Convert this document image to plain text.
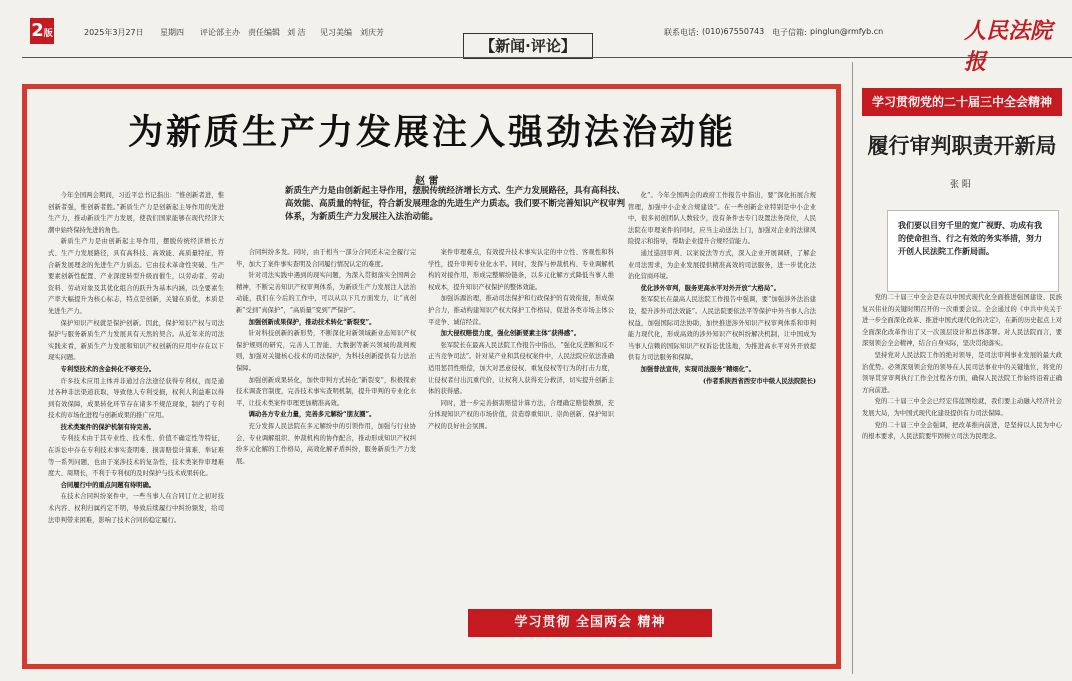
2版	2025年3月27日 星期四 评论部主办 责任编辑 刘 洁 见习美编 刘庆芳	联系电话: (010)67550743 电子信箱: pinglun@rmfyb.cn	人民法院报
【新闻·评论】
为新质生产力发展注入强劲法治动能
赵 雷
新质生产力是由创新起主导作用，摆脱传统经济增长方式、生产力发展路径，具有高科技、高效能、高质量的特征，符合新发展理念的先进生产力质态。我们要不断完善知识产权审判体系，为新质生产力发展注入法治动能。

今年全国两会期间，习近平总书记指出：“惟创新者进，惟创新者强，惟创新者胜。”新质生产力是创新起主导作用的先进生产力，推动新质生产力发展，使我们国家能够在现代经济大潮中始终保持先进的角色。

新质生产力是由创新起主导作用，摆脱传统经济增长方式、生产力发展路径，具有高科技、高效能、高质量特征，符合新发展理念的先进生产力质态。它由技术革命性突破、生产要素创新性配置、产业深度转型升级而催生，以劳动者、劳动资料、劳动对象及其优化组合的跃升为基本内涵，以全要素生产率大幅提升为核心标志，特点是创新，关键在质优，本质是先进生产力。

保护知识产权就是保护创新。因此，保护知识产权与司法保护与服务新质生产力发展具有天然的契合。从近年来的司法实践来看，新质生产力发展和知识产权创新的应用中存在以下现实问题。

专利型技术的含金转化不够充分。

许多技术应用主体并非通过合法途径获得专利权，而是通过各种非法渠道获取，导致他人专利受损，权利人利益难以得到有效保障，成果转化环节存在诸多不规范现象，制约了专利技术的市场化进程与创新成果的推广应用。

技术类案件的保护机制有待完善。

专利技术由于其专业性、技术性、价值不确定性等特征，在诉讼中存在专利技术事实查明难、损害赔偿计算难、举证难等一系列问题，也由于案涉技术的复杂性，技术类案件审理难度大、周期长，不利于专利权的及时保护与技术成果转化。

合同履行中的重点问题有待明确。

在技术合同纠纷案件中，一些当事人在合同订立之初对技术内容、权利归属约定不明，导致后续履行中纠纷频发，给司法审判带来困难，影响了技术合同的稳定履行。

合同纠纷多发。同时，由于相当一部分合同还未完全履行完毕，加大了案件事实查明及合同履行情况认定的难度。

针对司法实践中遇到的现实问题，为深入贯彻落实全国两会精神，不断完善知识产权审判体系，为新质生产力发展注入法治动能，我们在今后的工作中，可以从以下几方面发力，让“真创新”受到“真保护”，“高质量”变到“严保护”。

加强创新成果保护，推动技术转化“新裂变”。

针对科技创新的新形势，不断深化对新领域新业态知识产权保护规则的研究，完善人工智能、大数据等新兴领域的裁判规则，加强对关键核心技术的司法保护，为科技创新提供有力法治保障。

加强创新成果转化，加快审判方式转化“新裂变”，积极探索技术调查官制度，完善技术事实查明机制，提升审判的专业化水平，让技术类案件审理更加精准高效。

调动各方专业力量，完善多元解纷“朋友圈”。

充分发挥人民法院在多元解纷中的引领作用，加强与行业协会、专业调解组织、仲裁机构的协作配合，推动形成知识产权纠纷多元化解的工作格局，高效化解矛盾纠纷，服务新质生产力发展。

案件审理难点，有效提升技术事实认定的中立性、客观性和科学性，提升审判专业化水平。同时，发挥与仲裁机构、专业调解机构的对接作用，形成完整解纷链条，以多元化解方式降低当事人维权成本，提升知识产权保护的整体效能。

加强诉源治理，推动司法保护和行政保护的有效衔接，形成保护合力，推动构建知识产权大保护工作格局，促进各类市场主体公平竞争、诚信经营。

加大侵权赔偿力度，强化创新要素主体“获得感”。

张军院长在最高人民法院工作报告中指出，“强化反垄断和反不正当竞争司法”。针对某产业和其侵权案件中，人民法院应依法准确适用惩罚性赔偿，加大对恶意侵权、重复侵权等行为的打击力度，让侵权者付出沉重代价，让权利人获得充分救济，切实提升创新主体的获得感。

同时，进一步完善损害赔偿计算方法，合理确定赔偿数额，充分体现知识产权的市场价值，营造尊重知识、崇尚创新、保护知识产权的良好社会氛围。

化”。今年全国两会的政府工作报告中指出，要“深化拓展合规管理，加强中小企业合规建设”。在一些创新企业特别是中小企业中，很多初创团队人数较少，没有条件去专门设置法务岗位，人民法院在审理案件的同时，应当主动送法上门，加强对企业的法律风险提示和指导，帮助企业提升合规经营能力。

通过巡回审判、以案说法等方式，深入企业开展调研，了解企业司法需求，为企业发展提供精准高效的司法服务，进一步优化法治化营商环境。

优化涉外审判，服务更高水平对外开放“大格局”。

张军院长在最高人民法院工作报告中强调，要“加强涉外法治建设，提升涉外司法效能”。人民法院要依法平等保护中外当事人合法权益，加强国际司法协助，加快推进涉外知识产权审判体系和审判能力现代化，形成高效的涉外知识产权纠纷解决机制，让中国成为当事人信赖的国际知识产权诉讼优选地，为推进高水平对外开放提供有力司法服务和保障。

加强普法宣传，实现司法服务“精细化”。

(作者系陕西省西安市中级人民法院院长)

学习贯彻 全国两会 精神
学习贯彻党的二十届三中全会精神
履行审判职责开新局
张 阳
我们要以目穷千里的宽广视野、功成有我的使命担当、行之有效的务实举措，努力开创人民法院工作新局面。

党的二十届三中全会是在以中国式现代化全面推进强国建设、民族复兴伟业的关键时期召开的一次重要会议。全会通过的《中共中央关于进一步全面深化改革、推进中国式现代化的决定》，在新的历史起点上对全面深化改革作出了又一次顶层设计和总体部署。对人民法院而言，要深刻领会全会精神，结合自身实际，坚决贯彻落实。

坚持党对人民法院工作的绝对领导，是司法审判事业发展的最大政治优势。必须深刻领会党的领导在人民司法事业中的关键地位，将党的领导贯穿审判执行工作全过程各方面，确保人民法院工作始终沿着正确方向前进。

党的二十届三中全会已经宏伟蓝图绘就，我们要主动融入经济社会发展大局，为中国式现代化建设提供有力司法保障。

党的二十届三中全会强调，把改革推向前进，是坚持以人民为中心的根本要求，人民法院要牢固树立司法为民理念。
